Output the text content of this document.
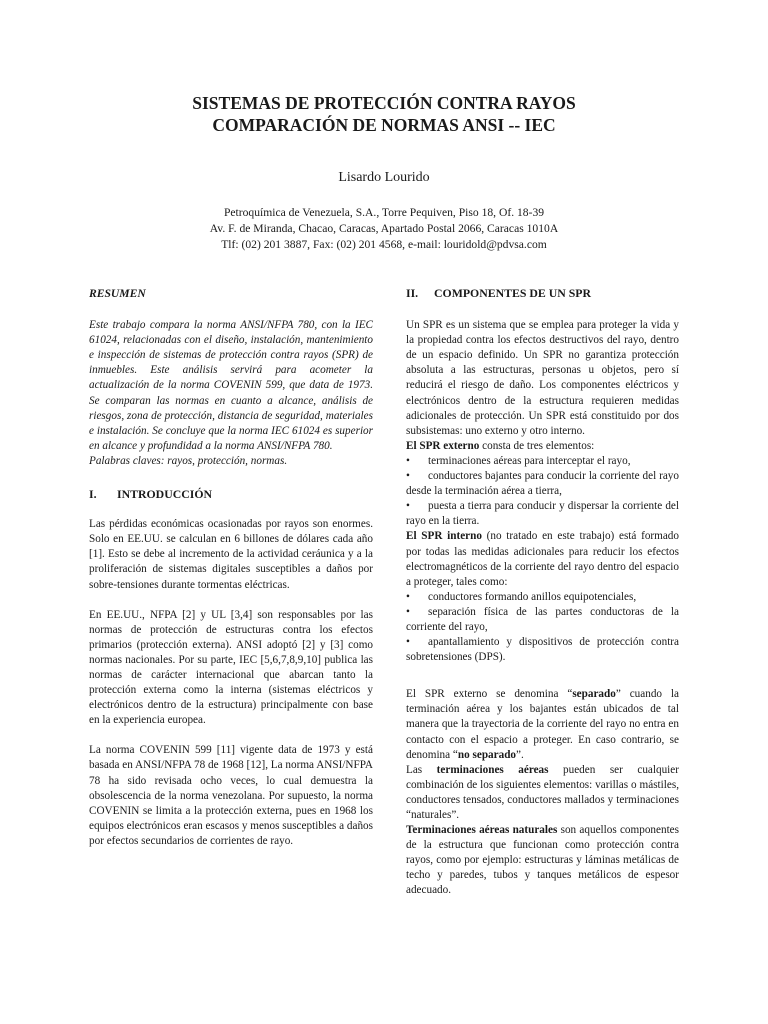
SISTEMAS DE PROTECCIÓN CONTRA RAYOS
COMPARACIÓN DE NORMAS ANSI -- IEC
Lisardo Lourido
Petroquímica de Venezuela, S.A., Torre Pequiven, Piso 18, Of. 18-39
Av. F. de Miranda, Chacao, Caracas, Apartado Postal 2066, Caracas 1010A
Tlf: (02) 201 3887, Fax: (02) 201 4568, e-mail: louridold@pdvsa.com
RESUMEN

Este trabajo compara la norma ANSI/NFPA 780, con la IEC 61024, relacionadas con el diseño, instalación, mantenimiento e inspección de sistemas de protección contra rayos (SPR) de inmuebles. Este análisis servirá para acometer la actualización de la norma COVENIN 599, que data de 1973. Se comparan las normas en cuanto a alcance, análisis de riesgos, zona de protección, distancia de seguridad, materiales e instalación. Se concluye que la norma IEC 61024 es superior en alcance y profundidad a la norma ANSI/NFPA 780.

Palabras claves: rayos, protección, normas.

I. INTRODUCCIÓN

Las pérdidas económicas ocasionadas por rayos son enormes. Solo en EE.UU. se calculan en 6 billones de dólares cada año [1]. Esto se debe al incremento de la actividad ceráunica y a la proliferación de sistemas digitales susceptibles a daños por sobre-tensiones durante tormentas eléctricas.

En EE.UU., NFPA [2] y UL [3,4] son responsables por las normas de protección de estructuras contra los efectos primarios (protección externa). ANSI adoptó [2] y [3] como normas nacionales. Por su parte, IEC [5,6,7,8,9,10] publica las normas de carácter internacional que abarcan tanto la protección externa como la interna (sistemas eléctricos y electrónicos dentro de la estructura) principalmente con base en la experiencia europea.

La norma COVENIN 599 [11] vigente data de 1973 y está basada en ANSI/NFPA 78 de 1968 [12], La norma ANSI/NFPA 78 ha sido revisada ocho veces, lo cual demuestra la obsolescencia de la norma venezolana. Por supuesto, la norma COVENIN se limita a la protección externa, pues en 1968 los equipos electrónicos eran escasos y menos susceptibles a daños por efectos secundarios de corrientes de rayo.

II. COMPONENTES DE UN SPR

Un SPR es un sistema que se emplea para proteger la vida y la propiedad contra los efectos destructivos del rayo, dentro de un espacio definido. Un SPR no garantiza protección absoluta a las estructuras, personas u objetos, pero sí reducirá el riesgo de daño. Los componentes eléctricos y electrónicos dentro de la estructura requieren medidas adicionales de protección. Un SPR está constituido por dos subsistemas: uno externo y otro interno.

El SPR externo consta de tres elementos:

• terminaciones aéreas para interceptar el rayo,
• conductores bajantes para conducir la corriente del rayo desde la terminación aérea a tierra,
• puesta a tierra para conducir y dispersar la corriente del rayo en la tierra.

El SPR interno (no tratado en este trabajo) está formado por todas las medidas adicionales para reducir los efectos electromagnéticos de la corriente del rayo dentro del espacio a proteger, tales como:

• conductores formando anillos equipotenciales,
• separación física de las partes conductoras de la corriente del rayo,
• apantallamiento y dispositivos de protección contra sobretensiones (DPS).

El SPR externo se denomina “separado” cuando la terminación aérea y los bajantes están ubicados de tal manera que la trayectoria de la corriente del rayo no entra en contacto con el espacio a proteger. En caso contrario, se denomina “no separado”.

Las terminaciones aéreas pueden ser cualquier combinación de los siguientes elementos: varillas o mástiles, conductores tensados, conductores mallados y terminaciones “naturales”.

Terminaciones aéreas naturales son aquellos componentes de la estructura que funcionan como protección contra rayos, como por ejemplo: estructuras y láminas metálicas de techo y paredes, tubos y tanques metálicos de espesor adecuado.
